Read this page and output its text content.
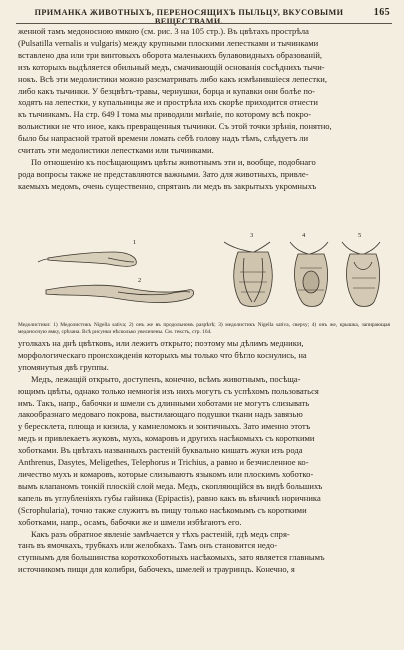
ПРИМАНКА ЖИВОТНЫХЪ, ПЕРЕНОСЯЩИХЪ ПЫЛЬЦУ, ВКУСОВЫМИ ВЕЩЕСТВАМИ.
165

женной тамъ медоносною ямкою (см. рис. 3 на 105 стр.). Въ цвѣтахъ прострѣла

(Pulsatilla vernalis и vulgaris) между крупными плоскими лепестками и тычинками

вставлено два или три винтовыхъ оборота маленькихъ булавовидныхъ образованій,

изъ которыхъ выдѣляется обильный медъ, смачивающій основанія сосѣднихъ тычи-

нокъ. Всѣ эти медолистики можно разсматривать либо какъ измѣнившіеся лепестки,

либо какъ тычинки. У безцвѣтъ-травы, чернушки, борца и купавки они болѣе по-

ходятъ на лепестки, у купальницы же и прострѣла ихъ скорѣе приходится отнести

къ тычинкамъ. На стр. 649 I тома мы приводили мнѣніе, по которому всѣ покро-

вольистики не что иное, какъ превращенныя тычинки. Съ этой точки зрѣнія, понятно,

было бы напрасной тратой времени ломать себѣ голову надъ тѣмъ, слѣдуетъ ли

считать эти медолистики лепестками или тычинками.

По отношенію къ посѣщающимъ цвѣты животнымъ эти и, вообще, подобнаго

рода вопросы также не представляются важными. Зато для животныхъ, привле-

каемыхъ медомъ, очень существенно, спрятанъ ли медъ въ закрытыхъ укромныхъ

1
2
3	4	5
Медолистики: 1) Медолистикъ Nigella sativa; 2) онъ же въ продольномъ разрѣзѣ; 3) медолистикъ Nigella sativa, сверху; 4) онъ же, крышка, запирающая медоносную ямку, срѣзана. Всѣ рисунки нѣсколько увеличены. См. текстъ, стр. 164.

уголкахъ на днѣ цвѣтковъ, или лежитъ открыто; поэтому мы дѣлимъ медники,

морфологическаго происхожденія которыхъ мы только что бѣгло коснулись, на

упомянутыя двѣ группы.

Медъ, лежащій открыто, доступенъ, конечно, всѣмъ животнымъ, посѣща-

ющимъ цвѣты, однако только немногія изъ нихъ могутъ съ успѣхомъ пользоваться

имъ. Такъ, напр., бабочки и шмели съ длинными хоботами не могутъ слизывать

лакообразнаго медоваго покрова, выстилающаго подушки ткани надъ завязью

у бересклета, плюща и кизила, у камнеломокъ и зонтичныхъ. Зато именно этотъ

медъ и привлекаетъ жуковъ, мухъ, комаровъ и другихъ насѣкомыхъ съ короткими

хоботками. Въ цвѣтахъ названныхъ растеній буквально кишатъ жуки изъ рода

Anthrenus, Dasytes, Meligethes, Telephorus и Trichius, а равно и безчисленное ко-

личество мухъ и комаровъ, которые слизываютъ языкомъ или плоскимъ хоботко-

вымъ клапаномъ тонкій плоскій слой меда. Медъ, скопляющійся въ видѣ большихъ

капель въ углубленіяхъ губы гайника (Epipactis), равно какъ въ вѣнчикѣ норичника

(Scrophularia), точно также служитъ въ пищу только насѣкомымъ съ короткими

хоботками, напр., осамъ, бабочки же и шмели избѣгаютъ его.

Какъ разъ обратное явленіе замѣчается у тѣхъ растеній, гдѣ медъ спря-

танъ въ ямочкахъ, трубкахъ или желобкахъ. Тамъ онъ становится недо-

ступнымъ для большинства короткохоботныхъ насѣкомыхъ, зато является главнымъ

источникомъ пищи для колибри, бабочекъ, шмелей и трауринцъ. Конечно, я
